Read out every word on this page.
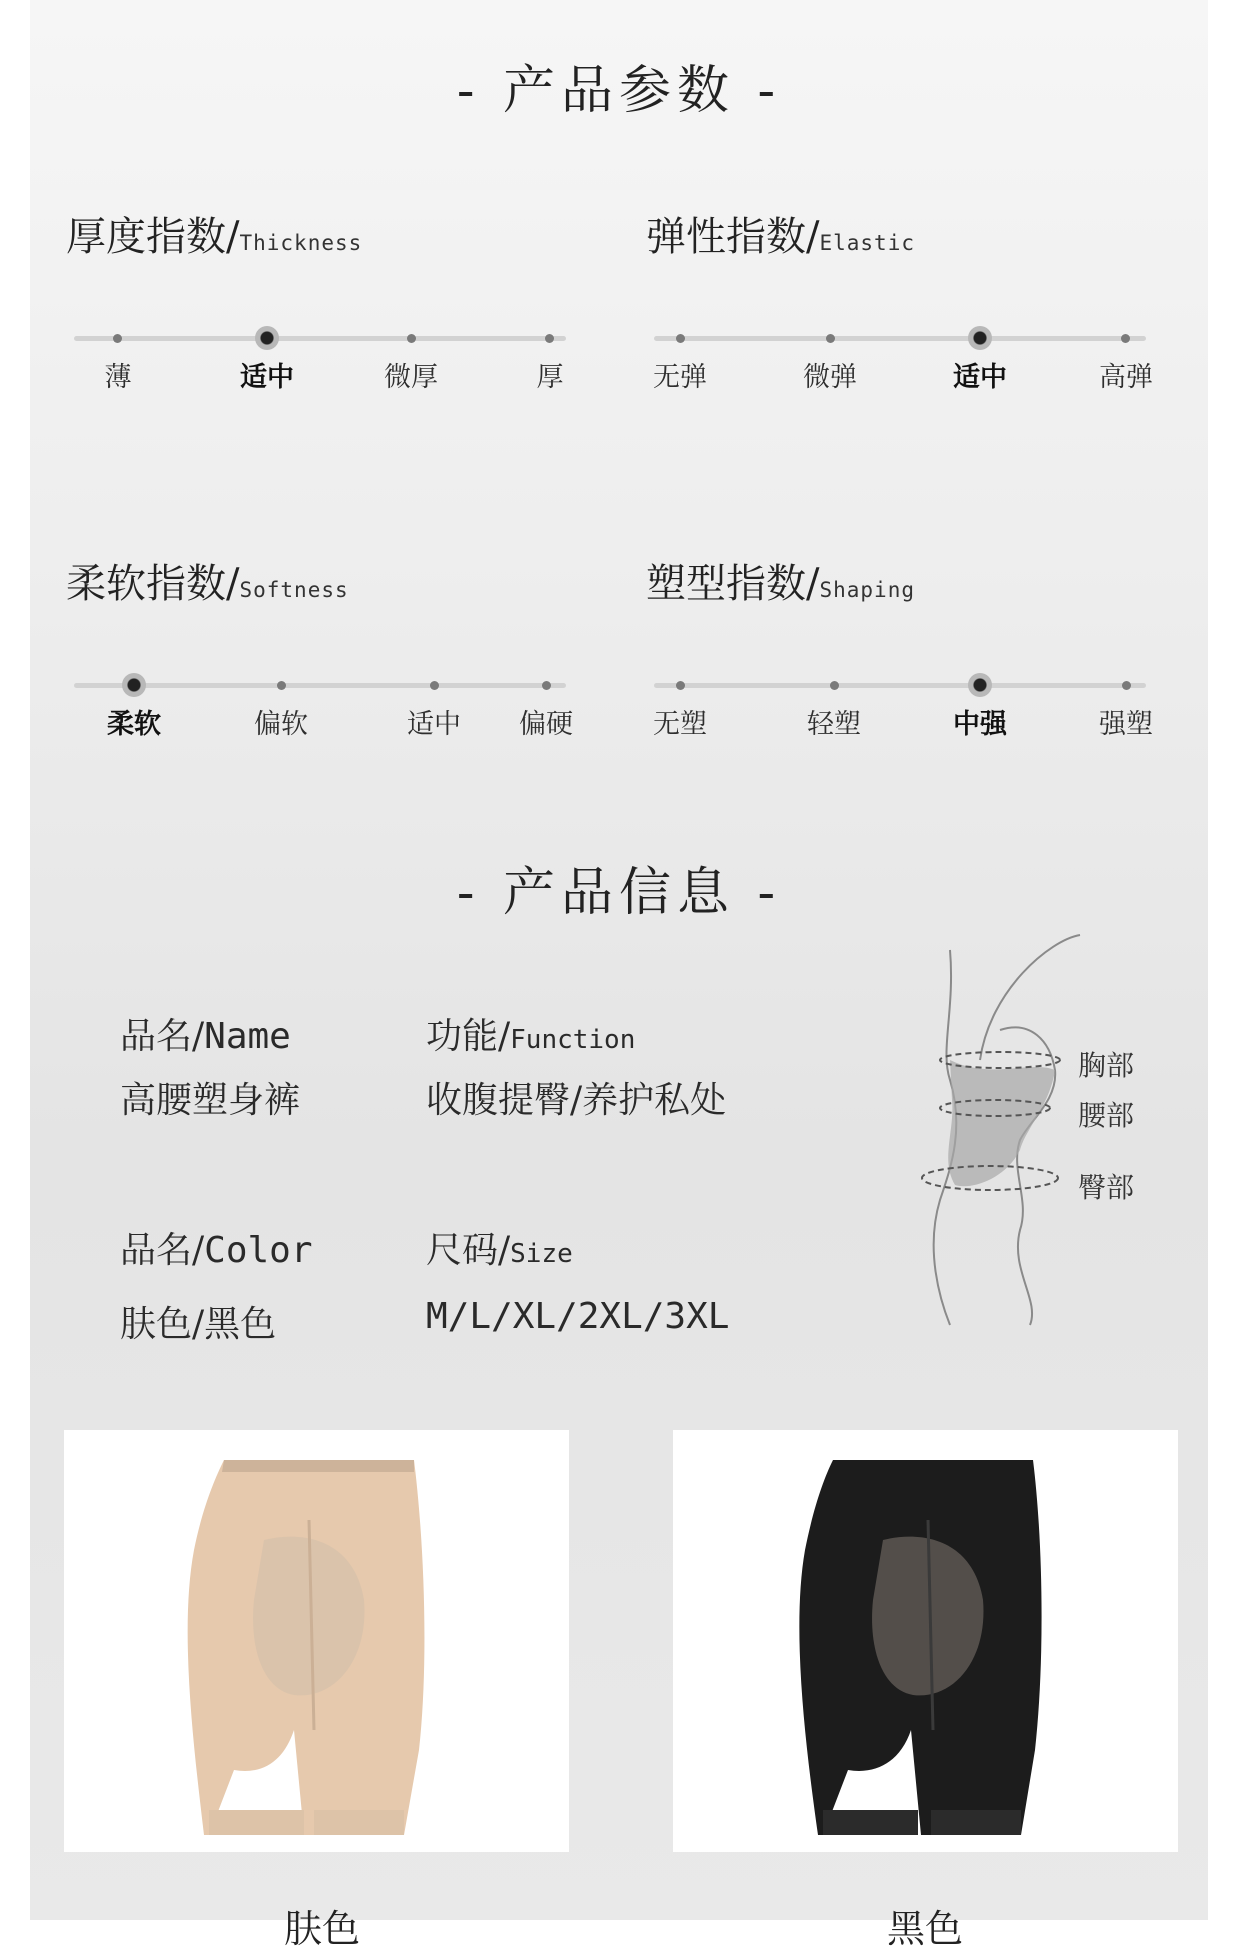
- 产品参数 -
厚度指数/Thickness
薄	适中	微厚	厚
弹性指数/Elastic
无弹	微弹	适中	高弹
柔软指数/Softness
柔软	偏软	适中 偏硬
塑型指数/Shaping
无塑	轻塑	中强	强塑
- 产品信息 -
品名/Name
高腰塑身裤
功能/Function
收腹提臀/养护私处
品名/Color
肤色/黑色
尺码/Size
M/L/XL/2XL/3XL
胸部
腰部
臀部
肤色	黑色
